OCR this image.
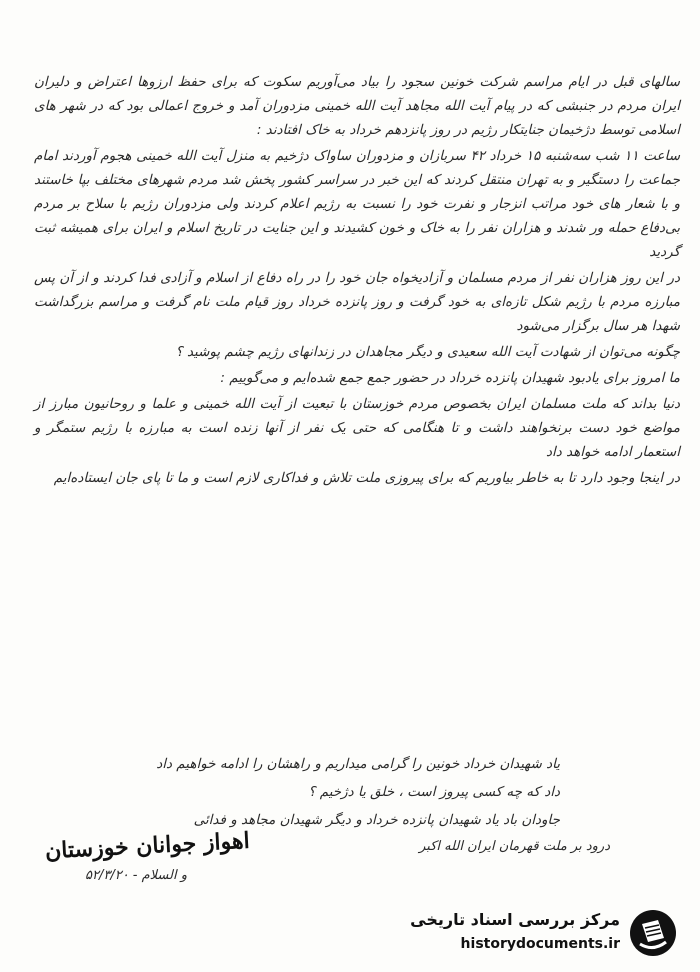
سالهای قبل در ایام مراسم شرکت خونین سجود را بیاد می‌آوریم سکوت که برای حفظ ارزوها اعتراض و دلیران ایران مردم در جنبشی که در پیام آیت الله مجاهد آیت الله خمینی مزدوران آمد و خروج اعمالی بود که در شهر های اسلامی توسط دژخیمان جنایتکار رژیم در روز پانزدهم خرداد به خاک افتادند :

ساعت ۱۱ شب سه‌شنبه ۱۵ خرداد ۴۲ سربازان و مزدوران ساواک دژخیم به منزل آیت الله خمینی هجوم آوردند امام جماعت را دستگیر و به تهران منتقل کردند که این خبر در سراسر کشور پخش شد مردم شهرهای مختلف بپا خاستند و با شعار های خود مراتب انزجار و نفرت خود را نسبت به رژیم اعلام کردند ولی مزدوران رژیم با سلاح بر مردم بی‌دفاع حمله ور شدند و هزاران نفر را به خاک و خون کشیدند و این جنایت در تاریخ اسلام و ایران برای همیشه ثبت گردید

در این روز هزاران نفر از مردم مسلمان و آزادیخواه جان خود را در راه دفاع از اسلام و آزادی فدا کردند و از آن پس مبارزه مردم با رژیم شکل تازه‌ای به خود گرفت و روز پانزده خرداد روز قیام ملت نام گرفت و مراسم بزرگداشت شهدا هر سال برگزار می‌شود

چگونه می‌توان از شهادت آیت الله سعیدی و دیگر مجاهدان در زندانهای رژیم چشم پوشید ؟

ما امروز برای یادبود شهیدان پانزده خرداد در حضور جمع جمع شده‌ایم و می‌گوییم :

دنیا بداند که ملت مسلمان ایران بخصوص مردم خوزستان با تبعیت از آیت الله خمینی و علما و روحانیون مبارز از مواضع خود دست برنخواهند داشت و تا هنگامی که حتی یک نفر از آنها زنده است به مبارزه با رژیم ستمگر و استعمار ادامه خواهد داد

در اینجا وجود دارد تا به خاطر بیاوریم که برای پیروزی ملت تلاش و فداکاری لازم است و ما تا پای جان ایستاده‌ایم

یاد شهیدان خرداد خونین را گرامی میداریم و راهشان را ادامه خواهیم داد

داد که چه کسی پیروز است ، خلق یا دژخیم ؟

جاودان باد یاد شهیدان پانزده خرداد و دیگر شهیدان مجاهد و فدائی

درود بر ملت قهرمان ایران الله اکبر
اهواز جوانان خوزستان
و السلام - ۵۲/۳/۲۰
مرکز بررسی اسناد تاریخی
historydocuments.ir
